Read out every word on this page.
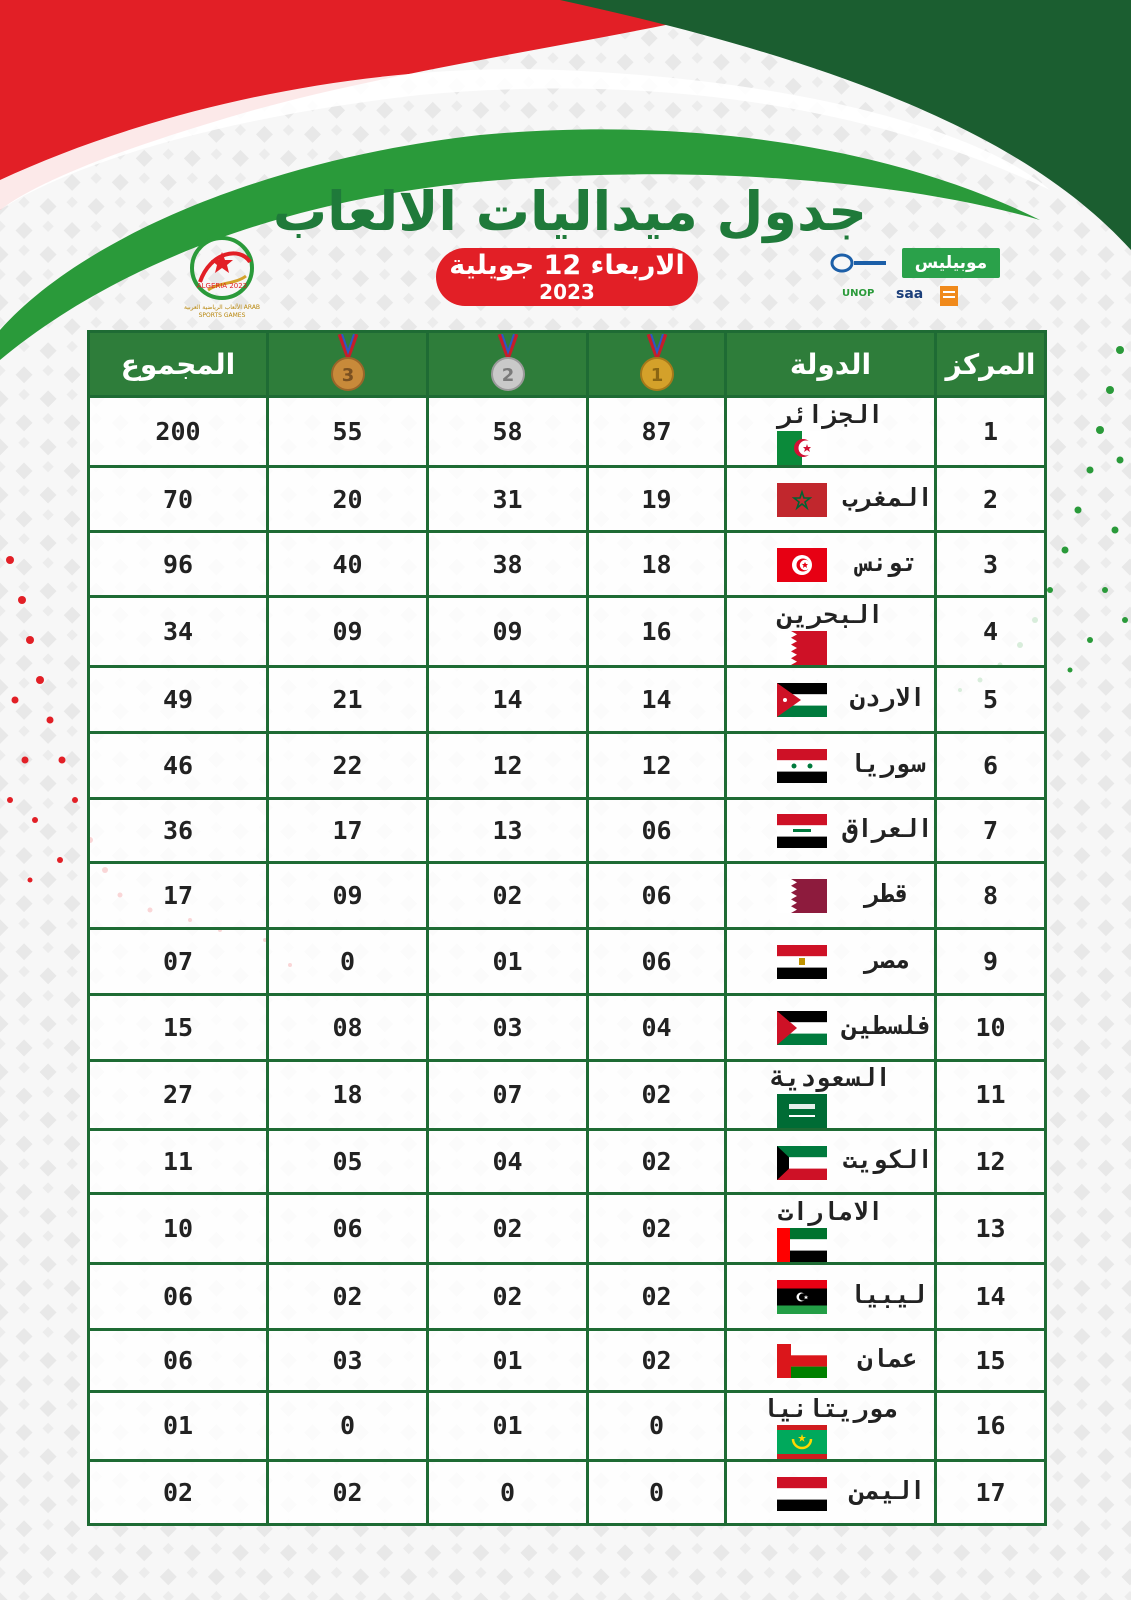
جدول ميداليات الالعاب
الاربعاء 12 جويلية
2023
ALGERIA 2023
الألعاب الرياضية العربية ARAB SPORTS GAMES
موبيليس
UNOP saa
المركز	الدولة	1	2	3	المجموع
1	الجزائر	87	58	55	200
2	المغرب	19	31	20	70
3	تونس	18	38	40	96
4	البحرين	16	09	09	34
5	الاردن	14	14	21	49
6	سوريا	12	12	22	46
7	العراق	06	13	17	36
8	قطر	06	02	09	17
9	مصر	06	01	0	07
10	فلسطين	04	03	08	15
11	السعودية	02	07	18	27
12	الكويت	02	04	05	11
13	الامارات	02	02	06	10
14	ليبيا	02	02	02	06
15	عمان	02	01	03	06
16	موريتانيا	0	01	0	01
17	اليمن	0	0	02	02
